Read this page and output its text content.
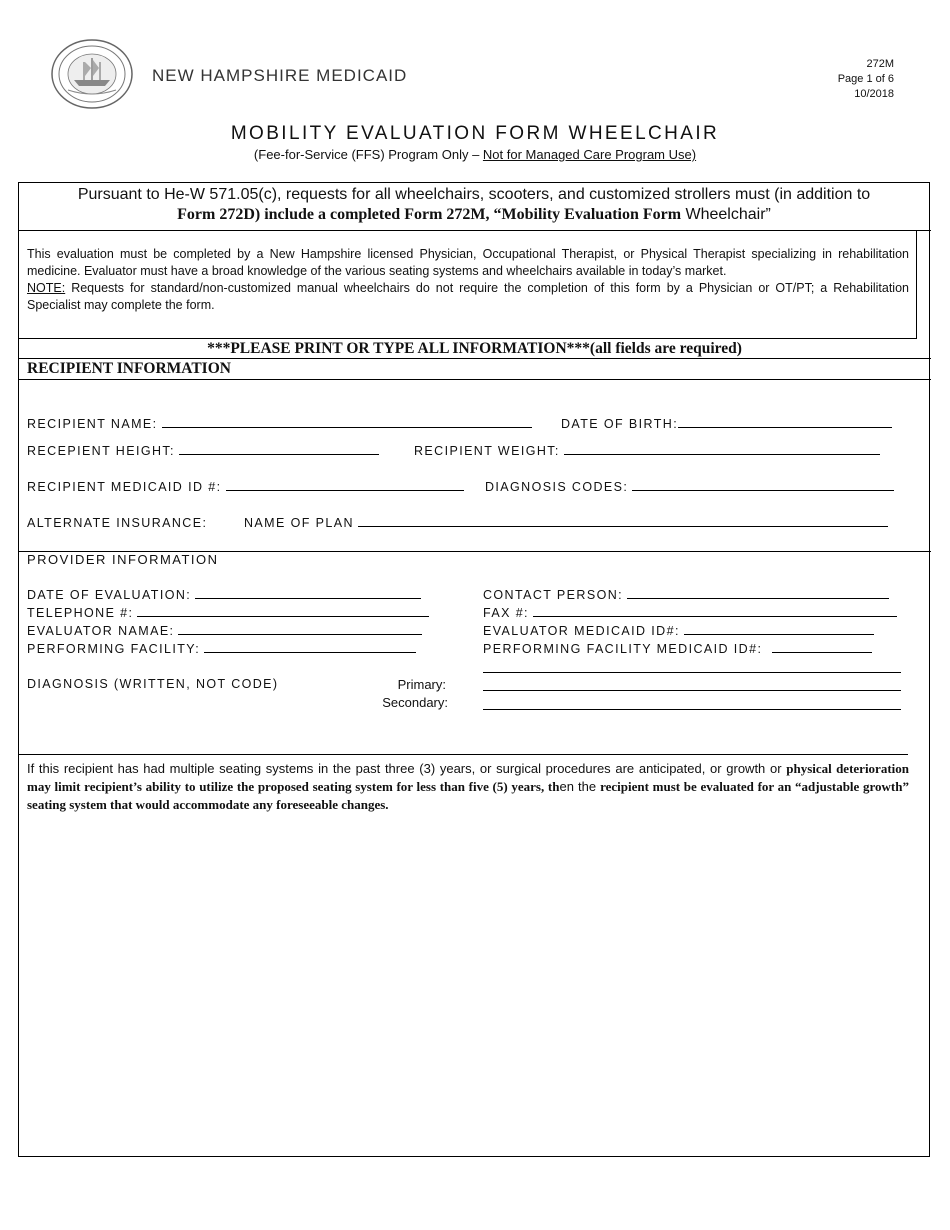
NEW HAMPSHIRE MEDICAID
272M
Page 1 of 6
10/2018
MOBILITY EVALUATION FORM WHEELCHAIR
(Fee-for-Service (FFS) Program Only – Not for Managed Care Program Use)
Pursuant to He-W 571.05(c), requests for all wheelchairs, scooters, and customized strollers must (in addition to
Form 272D) include a completed Form 272M, “Mobility Evaluation Form Wheelchair”
This evaluation must be completed by a New Hampshire licensed Physician, Occupational Therapist, or Physical Therapist specializing in rehabilitation medicine. Evaluator must have a broad knowledge of the various seating systems and wheelchairs available in today’s market.
NOTE: Requests for standard/non-customized manual wheelchairs do not require the completion of this form by a Physician or OT/PT; a Rehabilitation Specialist may complete the form.
***PLEASE PRINT OR TYPE ALL INFORMATION***(all fields are required)
RECIPIENT INFORMATION
RECIPIENT NAME:	DATE OF BIRTH:
RECEPIENT HEIGHT:	RECIPIENT WEIGHT:
RECIPIENT MEDICAID ID #:	DIAGNOSIS CODES:
ALTERNATE INSURANCE:	NAME OF PLAN
PROVIDER INFORMATION
DATE OF EVALUATION:	CONTACT PERSON:
TELEPHONE #:	FAX #:
EVALUATOR NAMAE:	EVALUATOR MEDICAID ID#:
PERFORMING FACILITY:	PERFORMING FACILITY MEDICAID ID#:
DIAGNOSIS (WRITTEN, NOT CODE)	Primary:
Secondary:
If this recipient has had multiple seating systems in the past three (3) years, or surgical procedures are anticipated, or growth or physical deterioration may limit recipient’s ability to utilize the proposed seating system for less than five (5) years, then the recipient must be evaluated for an “adjustable growth” seating system that would accommodate any foreseeable changes.
